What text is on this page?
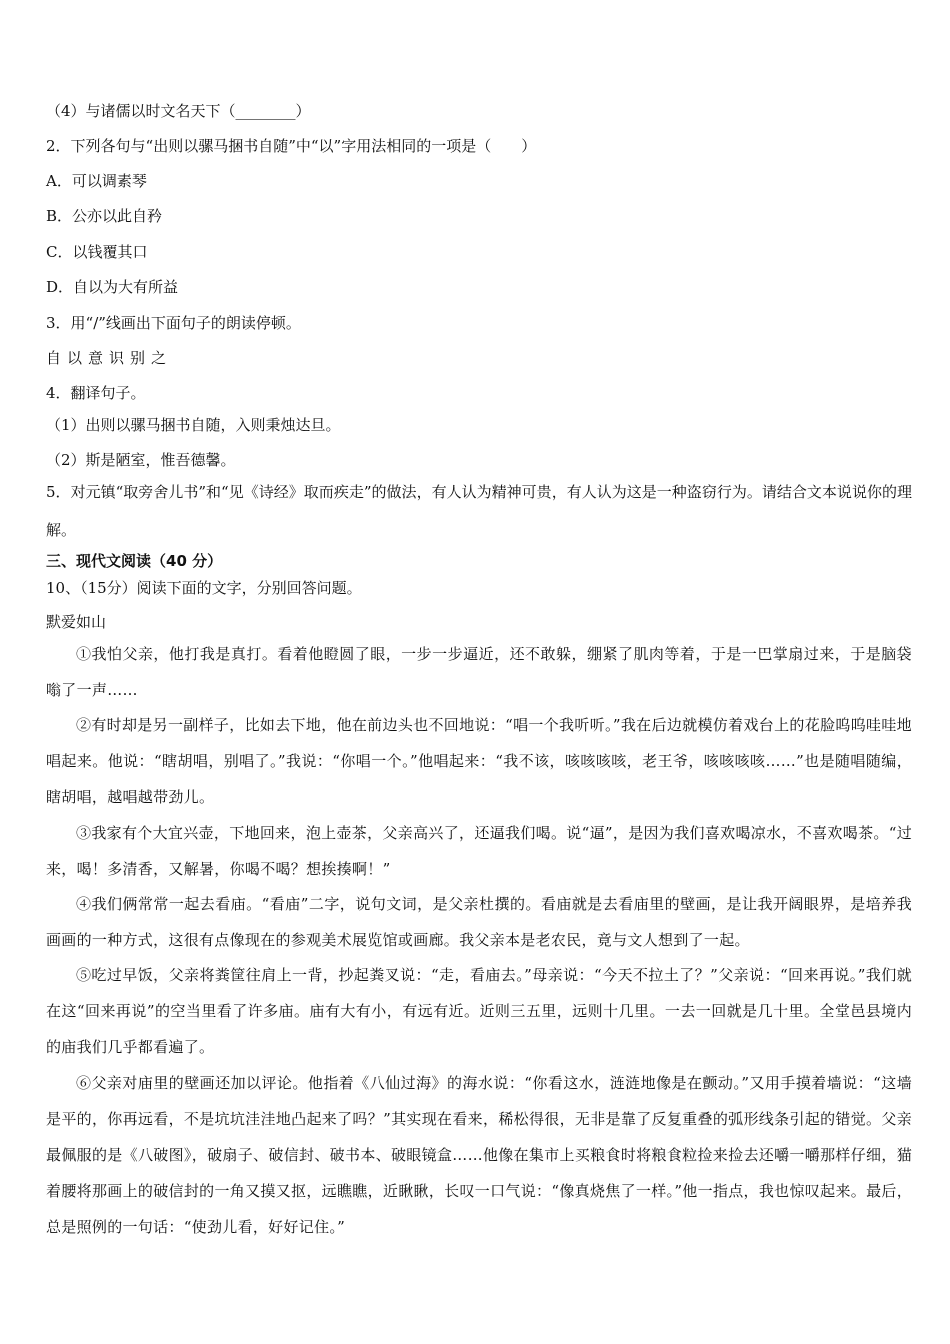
（4）与诸儒以时文名天下（________）
2．下列各句与“出则以骡马捆书自随”中“以”字用法相同的一项是（　　）
A．可以调素琴
B．公亦以此自矜
C．以钱覆其口
D．自以为大有所益
3．用“/”线画出下面句子的朗读停顿。
自以意识别之
4．翻译句子。
（1）出则以骡马捆书自随，入则秉烛达旦。
（2）斯是陋室，惟吾德馨。
5．对元镇“取旁舍儿书”和“见《诗经》取而疾走”的做法，有人认为精神可贵，有人认为这是一种盗窃行为。请结合文本说说你的理解。
三、现代文阅读（40 分）
10、（15分）阅读下面的文字，分别回答问题。
默爱如山
①我怕父亲，他打我是真打。看着他瞪圆了眼，一步一步逼近，还不敢躲，绷紧了肌肉等着，于是一巴掌扇过来，于是脑袋嗡了一声……
②有时却是另一副样子，比如去下地，他在前边头也不回地说：“唱一个我听听。”我在后边就模仿着戏台上的花脸呜呜哇哇地唱起来。他说：“瞎胡唱，别唱了。”我说：“你唱一个。”他唱起来：“我不该，咳咳咳咳，老王爷，咳咳咳咳……”也是随唱随编，瞎胡唱，越唱越带劲儿。
③我家有个大宜兴壶，下地回来，泡上壶茶，父亲高兴了，还逼我们喝。说“逼”，是因为我们喜欢喝凉水，不喜欢喝茶。“过来，喝！多清香，又解暑，你喝不喝？想挨揍啊！”
④我们俩常常一起去看庙。“看庙”二字，说句文词，是父亲杜撰的。看庙就是去看庙里的壁画，是让我开阔眼界，是培养我画画的一种方式，这很有点像现在的参观美术展览馆或画廊。我父亲本是老农民，竟与文人想到了一起。
⑤吃过早饭，父亲将粪筐往肩上一背，抄起粪叉说：“走，看庙去。”母亲说：“今天不拉土了？”父亲说：“回来再说。”我们就在这“回来再说”的空当里看了许多庙。庙有大有小，有远有近。近则三五里，远则十几里。一去一回就是几十里。全堂邑县境内的庙我们几乎都看遍了。
⑥父亲对庙里的壁画还加以评论。他指着《八仙过海》的海水说：“你看这水，涟涟地像是在颤动。”又用手摸着墙说：“这墙是平的，你再远看，不是坑坑洼洼地凸起来了吗？”其实现在看来，稀松得很，无非是靠了反复重叠的弧形线条引起的错觉。父亲最佩服的是《八破图》，破扇子、破信封、破书本、破眼镜盒……他像在集市上买粮食时将粮食粒捡来捡去还嚼一嚼那样仔细，猫着腰将那画上的破信封的一角又摸又抠，远瞧瞧，近瞅瞅，长叹一口气说：“像真烧焦了一样。”他一指点，我也惊叹起来。最后，总是照例的一句话：“使劲儿看，好好记住。”
